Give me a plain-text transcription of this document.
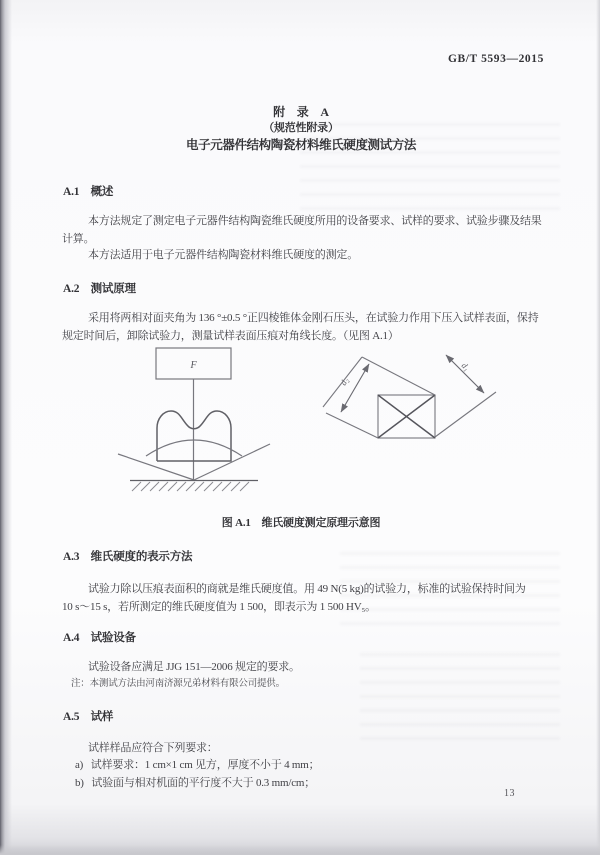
GB/T 5593—2015
附　录　A
（规范性附录）
电子元器件结构陶瓷材料维氏硬度测试方法
A.1　概述
本方法规定了测定电子元器件结构陶瓷维氏硬度所用的设备要求、试样的要求、试验步骤及结果
计算。
本方法适用于电子元器件结构陶瓷材料维氏硬度的测定。
A.2　测试原理
采用将两相对面夹角为 136 °±0.5 °正四棱锥体金刚石压头，在试验力作用下压入试样表面，保持
规定时间后，卸除试验力，测量试样表面压痕对角线长度。（见图 A.1）
F
d₂
d₁
图 A.1　维氏硬度测定原理示意图
A.3　维氏硬度的表示方法
试验力除以压痕表面积的商就是维氏硬度值。用 49 N(5 kg)的试验力，标准的试验保持时间为
10 s～15 s，若所测定的维氏硬度值为 1 500，即表示为 1 500 HV₅。
A.4　试验设备
试验设备应满足 JJG 151—2006 规定的要求。
注：本测试方法由河南济源兄弟材料有限公司提供。
A.5　试样
试样样品应符合下列要求：
a)   试样要求：1 cm×1 cm 见方，厚度不小于 4 mm；
b)   试验面与相对机面的平行度不大于 0.3 mm/cm；
13
